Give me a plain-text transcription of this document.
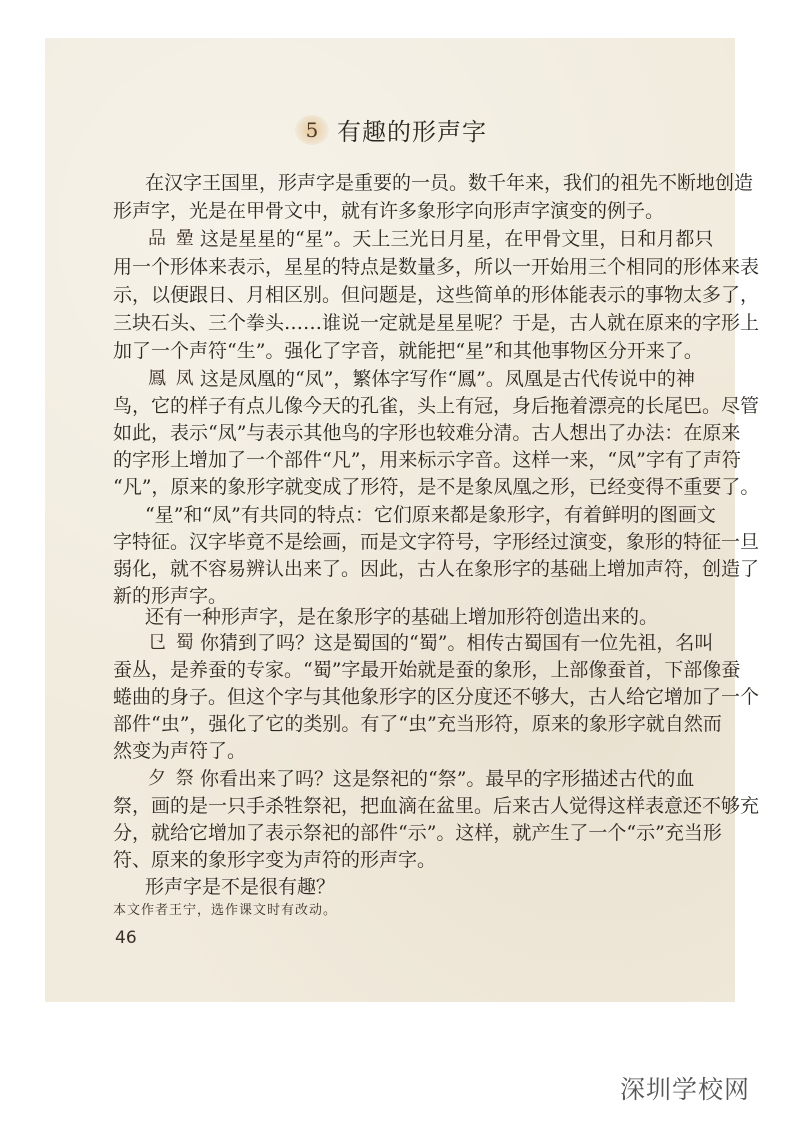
5 有趣的形声字
在汉字王国里，形声字是重要的一员。数千年来，我们的祖先不断地创造
形声字，光是在甲骨文中，就有许多象形字向形声字演变的例子。
品 曐 这是星星的“星”。天上三光日月星，在甲骨文里，日和月都只
用一个形体来表示，星星的特点是数量多，所以一开始用三个相同的形体来表
示，以便跟日、月相区别。但问题是，这些简单的形体能表示的事物太多了，
三块石头、三个拳头……谁说一定就是星星呢？于是，古人就在原来的字形上
加了一个声符“生”。强化了字音，就能把“星”和其他事物区分开来了。
鳳 凤 这是凤凰的“凤”，繁体字写作“鳳”。凤凰是古代传说中的神
鸟，它的样子有点儿像今天的孔雀，头上有冠，身后拖着漂亮的长尾巴。尽管
如此，表示“凤”与表示其他鸟的字形也较难分清。古人想出了办法：在原来
的字形上增加了一个部件“凡”，用来标示字音。这样一来，“凤”字有了声符
“凡”，原来的象形字就变成了形符，是不是象凤凰之形，已经变得不重要了。
“星”和“凤”有共同的特点：它们原来都是象形字，有着鲜明的图画文
字特征。汉字毕竟不是绘画，而是文字符号，字形经过演变，象形的特征一旦
弱化，就不容易辨认出来了。因此，古人在象形字的基础上增加声符，创造了
新的形声字。
还有一种形声字，是在象形字的基础上增加形符创造出来的。
㔾 蜀 你猜到了吗？这是蜀国的“蜀”。相传古蜀国有一位先祖，名叫
蚕丛，是养蚕的专家。“蜀”字最开始就是蚕的象形，上部像蚕首，下部像蚕
蜷曲的身子。但这个字与其他象形字的区分度还不够大，古人给它增加了一个
部件“虫”，强化了它的类别。有了“虫”充当形符，原来的象形字就自然而
然变为声符了。
夕 祭 你看出来了吗？这是祭祀的“祭”。最早的字形描述古代的血
祭，画的是一只手杀牲祭祀，把血滴在盆里。后来古人觉得这样表意还不够充
分，就给它增加了表示祭祀的部件“示”。这样，就产生了一个“示”充当形
符、原来的象形字变为声符的形声字。
形声字是不是很有趣？
本文作者王宁，选作课文时有改动。
46
深圳学校网
